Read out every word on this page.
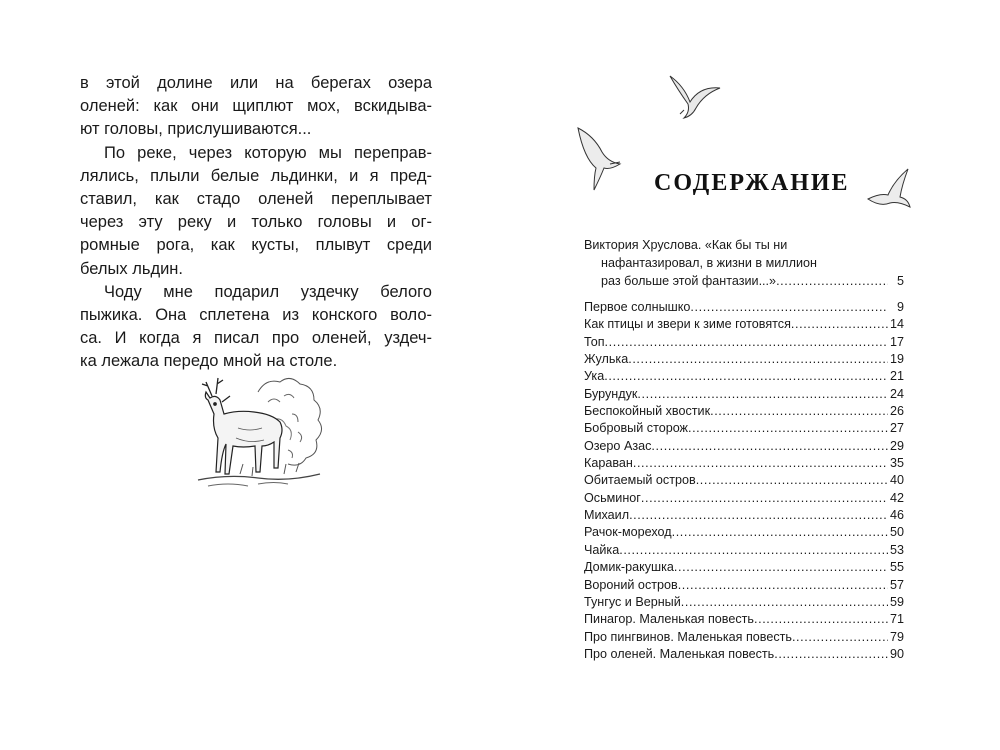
в этой долине или на берегах озера
оленей: как они щиплют мох, вскидыва-
ют головы, прислушиваются...
По реке, через которую мы переправ-
лялись, плыли белые льдинки, и я пред-
ставил, как стадо оленей переплывает
через эту реку и только головы и ог-
ромные рога, как кусты, плывут среди
белых льдин.
Чоду мне подарил уздечку белого
пыжика. Она сплетена из конского воло-
са. И когда я писал про оленей, уздеч-
ка лежала передо мной на столе.
СОДЕРЖАНИЕ
Виктория Хруслова. «Как бы ты ни
нафантазировал, в жизни в миллион
раз больше этой фантазии...» .....	5
Первое солнышко .....	9
Как птицы и звери к зиме готовятся .....	14
Топ .....	17
Жулька .....	19
Ука .....	21
Бурундук .....	24
Беспокойный хвостик .....	26
Бобровый сторож .....	27
Озеро Азас .....	29
Караван .....	35
Обитаемый остров .....	40
Осьминог .....	42
Михаил .....	46
Рачок-мореход .....	50
Чайка .....	53
Домик-ракушка .....	55
Вороний остров .....	57
Тунгус и Верный .....	59
Пинагор. Маленькая повесть .....	71
Про пингвинов. Маленькая повесть .....	79
Про оленей. Маленькая повесть .....	90
